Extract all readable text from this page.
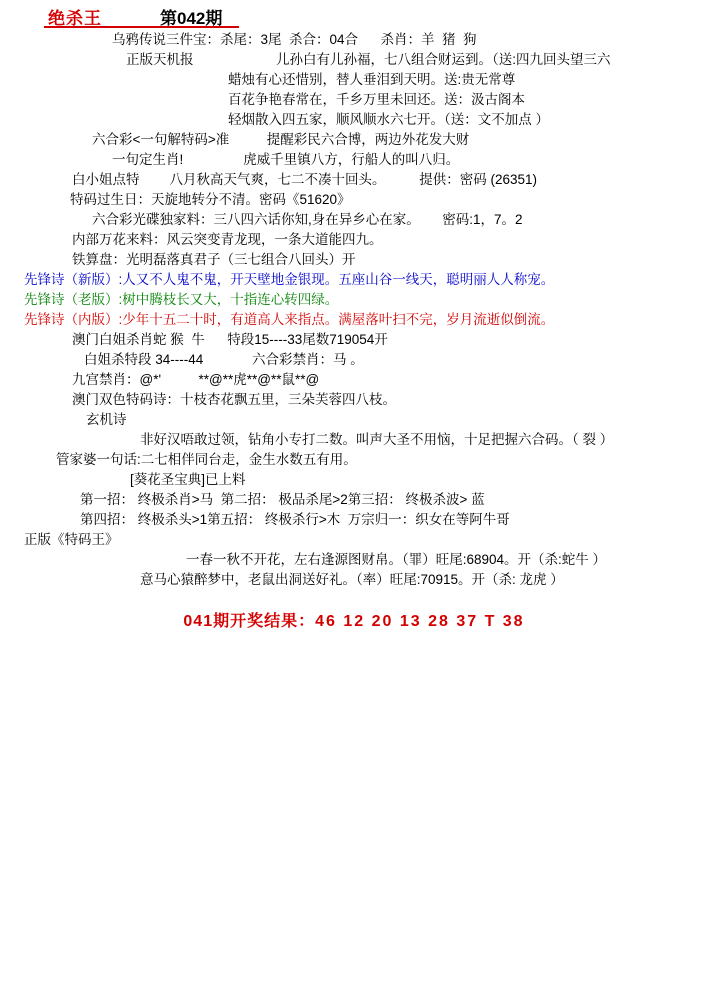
绝杀王	第042期
乌鸦传说三件宝：杀尾：3尾  杀合：04合      杀肖：羊  猪  狗
正版天机报                      儿孙白有儿孙福，七八组合财运到。（送:四九回头望三六
蜡烛有心还惜别，替人垂泪到天明。送:贵无常尊
百花争艳春常在，千乡万里未回还。送：汲古阁本
轻烟散入四五家，顺风顺水六七开。（送：文不加点 ）
六合彩<一句解特码>准          提醒彩民六合博，两边外花发大财
一句定生肖!                虎威千里镇八方，行船人的叫八归。
白小姐点特        八月秋高天气爽，七二不凑十回头。         提供：密码 (26351)
特码过生日：天旋地转分不清。密码《51620》
六合彩光碟独家料：三八四六话你知,身在异乡心在家。      密码:1，7。2
内部万花来料：风云突变青龙现，一条大道能四九。
铁算盘：光明磊落真君子（三七组合八回头）开
先锋诗（新版）:人又不人鬼不鬼，开天壁地金银现。五座山谷一线天，聪明丽人人称宠。
先锋诗（老版）:树中腾枝长又大，十指连心转四绿。
先锋诗（内版）:少年十五二十时，有道高人来指点。满屋落叶扫不完，岁月流逝似倒流。
澳门白姐杀肖蛇 猴  牛      特段15----33尾数719054开
白姐杀特段 34----44             六合彩禁肖：马 。
九宫禁肖：@*'          **@**虎**@**鼠**@
澳门双色特码诗：十枝杏花飘五里，三朵芙蓉四八枝。
玄机诗
非好汉唔敢过领，钻角小专打二数。叫声大圣不用恼，十足把握六合码。（ 裂 ）
管家婆一句话:二七相伴同台走，金生水数五有用。
[葵花圣宝典]已上料
第一招： 终极杀肖>马  第二招： 极品杀尾>2第三招： 终极杀波> 蓝
第四招： 终极杀头>1第五招： 终极杀行>木  万宗归一：织女在等阿牛哥
正版《特码王》
一春一秋不开花，左右逢源图财帛。（罪）旺尾:68904。开（杀:蛇牛 ）
意马心猿醉梦中，老鼠出洞送好礼。（率）旺尾:70915。开（杀: 龙虎 ）
041期开奖结果：46 12 20 13 28 37 T 38
